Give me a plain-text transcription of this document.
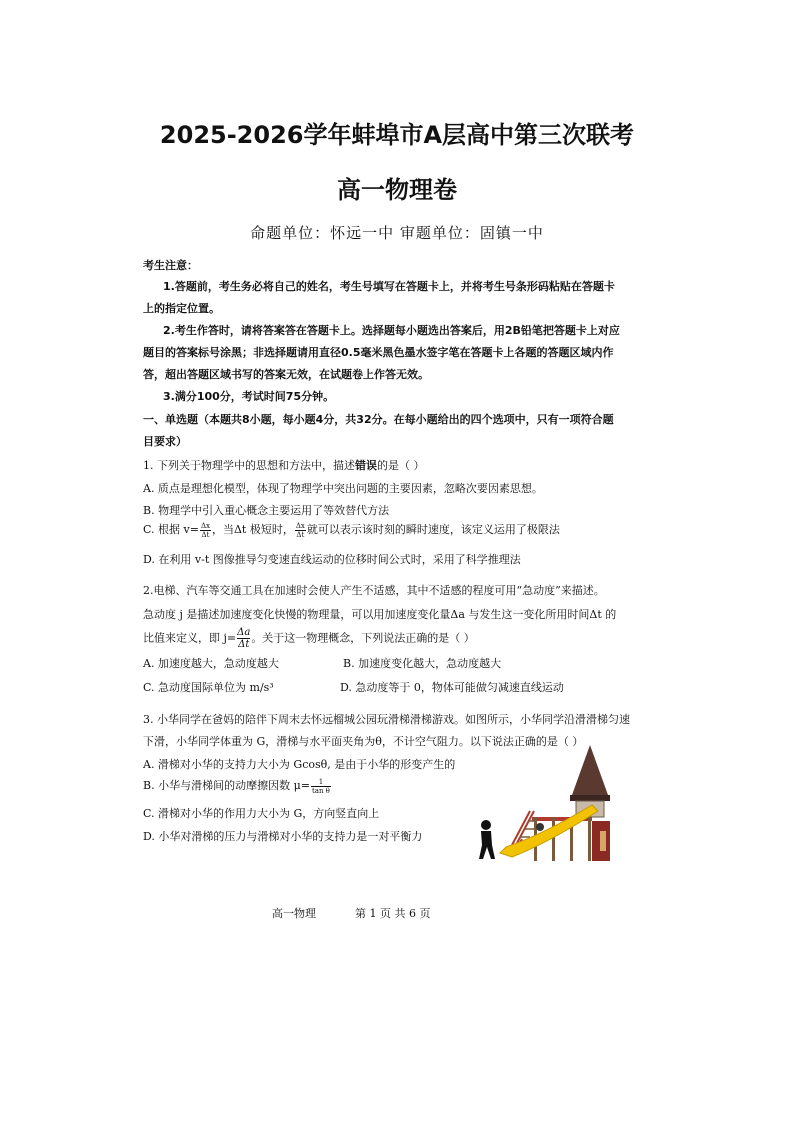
2025-2026学年蚌埠市A层高中第三次联考
高一物理卷
命题单位：怀远一中 审题单位：固镇一中
考生注意：
1.答题前，考生务必将自己的姓名，考生号填写在答题卡上，并将考生号条形码粘贴在答题卡
上的指定位置。
2.考生作答时，请将答案答在答题卡上。选择题每小题选出答案后，用2B铅笔把答题卡上对应
题目的答案标号涂黑；非选择题请用直径0.5毫米黑色墨水签字笔在答题卡上各题的答题区域内作
答，超出答题区域书写的答案无效，在试题卷上作答无效。
3.满分100分，考试时间75分钟。
一、单选题（本题共8小题，每小题4分，共32分。在每小题给出的四个选项中，只有一项符合题
目要求）
1. 下列关于物理学中的思想和方法中，描述错误的是（ ）
A. 质点是理想化模型，体现了物理学中突出问题的主要因素，忽略次要因素思想。
B. 物理学中引入重心概念主要运用了等效替代方法
C. 根据 $v= \frac{\Delta x}{\Delta t}$ ，当Δt 极短时， $\frac{\Delta x}{\Delta t}$ 就可以表示该时刻的瞬时速度，该定义运用了极限法
D. 在利用 v-t 图像推导匀变速直线运动的位移时间公式时，采用了科学推理法
2.电梯、汽车等交通工具在加速时会使人产生不适感，其中不适感的程度可用“急动度”来描述。
急动度 j 是描述加速度变化快慢的物理量，可以用加速度变化量Δa 与发生这一变化所用时间Δt 的
比值来定义，即 $j= \frac{\Delta a}{\Delta t}$ 。关于这一物理概念，下列说法正确的是（ ）
A. 加速度越大，急动度越大	B. 加速度变化越大，急动度越大
C. 急动度国际单位为 m/s³	D. 急动度等于 0，物体可能做匀减速直线运动
3. 小华同学在爸妈的陪伴下周末去怀远榴城公园玩滑梯滑梯游戏。如图所示，小华同学沿滑滑梯匀速
下滑，小华同学体重为 G，滑梯与水平面夹角为θ，不计空气阻力。以下说法正确的是（ ）
A. 滑梯对小华的支持力大小为 Gcosθ, 是由于小华的形变产生的
B. 小华与滑梯间的动摩擦因数 $\mu= \frac{1}{\text{tan θ}}$
C. 滑梯对小华的作用力大小为 G，方向竖直向上
D. 小华对滑梯的压力与滑梯对小华的支持力是一对平衡力
高一物理	第 1 页 共 6 页
